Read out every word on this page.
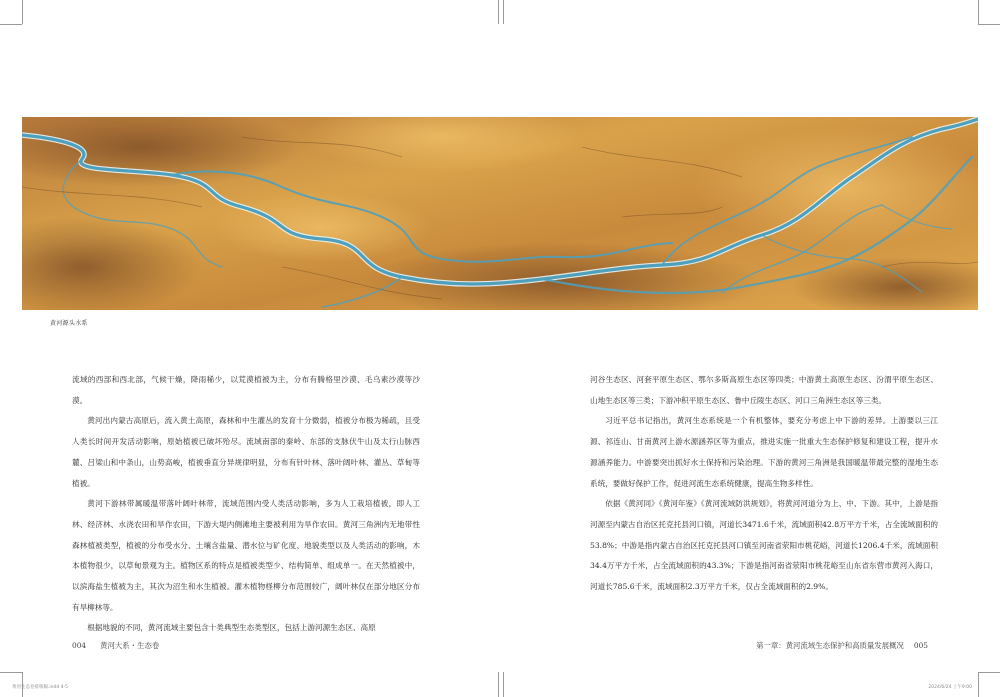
黄河源头水系

流域的西部和西北部，气候干燥，降雨稀少，以荒漠植被为主，分布有腾格里沙漠、毛乌素沙漠等沙漠。

黄河出内蒙古高原后，流入黄土高原，森林和中生灌丛的发育十分微弱，植被分布极为稀疏，且受人类长时间开发活动影响，原始植被已破坏殆尽。流域南部的秦岭、东部的支脉伏牛山及太行山脉西麓、吕梁山和中条山，山势高峻，植被垂直分异规律明显，分布有针叶林、落叶阔叶林、灌丛、草甸等植被。

黄河下游林带属暖温带落叶阔叶林带，流域范围内受人类活动影响，多为人工栽培植被，即人工林、经济林、水浇农田和旱作农田，下游大堤内侧滩地主要被利用为旱作农田。黄河三角洲内无地带性森林植被类型，植被的分布受水分、土壤含盐量、潜水位与矿化度、地貌类型以及人类活动的影响，木本植物很少，以草甸景观为主。植物区系的特点是植被类型少、结构简单、组成单一。在天然植被中，以滨海盐生植被为主，其次为沼生和水生植被。灌木植物柽柳分布范围较广，阔叶林仅在部分地区分布有旱柳林等。

根据地貌的不同，黄河流域主要包含十类典型生态类型区，包括上游河源生态区、高原

河谷生态区、河套平原生态区、鄂尔多斯高原生态区等四类；中游黄土高原生态区、汾渭平原生态区、山地生态区等三类；下游冲积平原生态区、鲁中丘陵生态区、河口三角洲生态区等三类。

习近平总书记指出，黄河生态系统是一个有机整体，要充分考虑上中下游的差异。上游要以三江源、祁连山、甘南黄河上游水源涵养区等为重点，推进实施一批重大生态保护修复和建设工程，提升水源涵养能力。中游要突出抓好水土保持和污染治理。下游的黄河三角洲是我国暖温带最完整的湿地生态系统，要做好保护工作，促进河流生态系统健康，提高生物多样性。

依据《黄河同》《黄河年鉴》《黄河流域防洪规划》，将黄河河道分为上、中、下游。其中，上游是指河源至内蒙古自治区托克托县河口镇，河道长3471.6千米，流域面积42.8万平方千米，占全流域面积的53.8%；中游是指内蒙古自治区托克托县河口镇至河南省荥阳市桃花峪，河道长1206.4千米，流域面积34.4万平方千米，占全流域面积的43.3%；下游是指河南省荥阳市桃花峪至山东省东营市黄河入海口，河道长785.6千米，流域面积2.3万平方千米，仅占全流域面积的2.9%。

004 黄河大系・生态卷	第一章：黄河流域生态保护和高质量发展概况 005
黄河生态卷排版稿.indd 4-5	2024/6/24 上午9:00
